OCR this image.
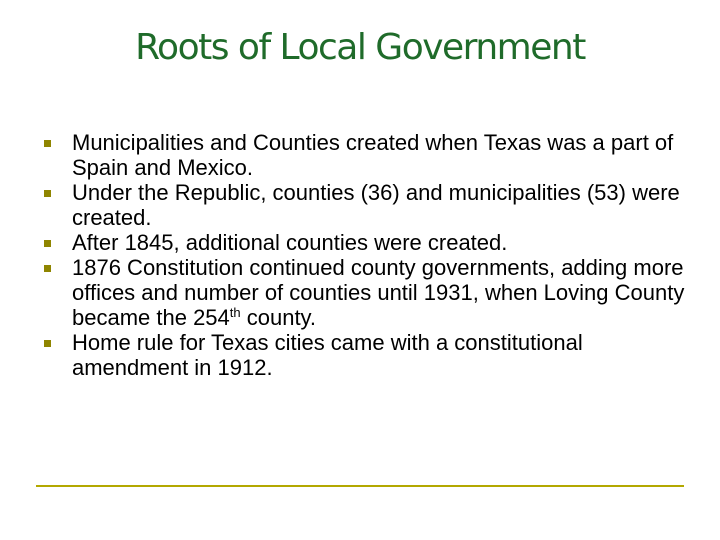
Roots of Local Government
Municipalities and Counties created when Texas was a part of Spain and Mexico.
Under the Republic, counties (36) and municipalities (53) were created.
After 1845, additional counties were created.
1876 Constitution continued county governments, adding more offices and number of counties until 1931, when Loving County became the 254th county.
Home rule for Texas cities came with a constitutional amendment in 1912.
